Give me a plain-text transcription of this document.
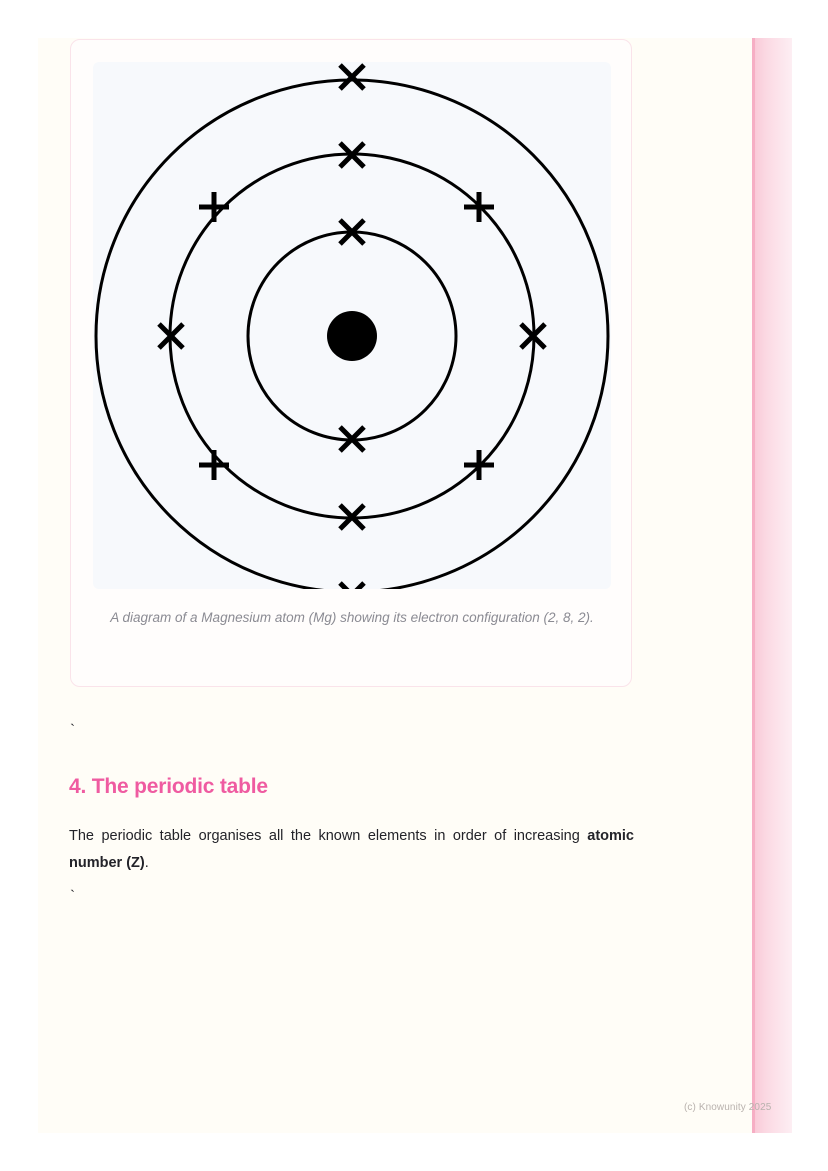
A diagram of a Magnesium atom (Mg) showing its electron configuration (2, 8, 2).
`
4. The periodic table
The periodic table organises all the known elements in order of increasing atomic number (Z).
`
(c) Knowunity 2025
